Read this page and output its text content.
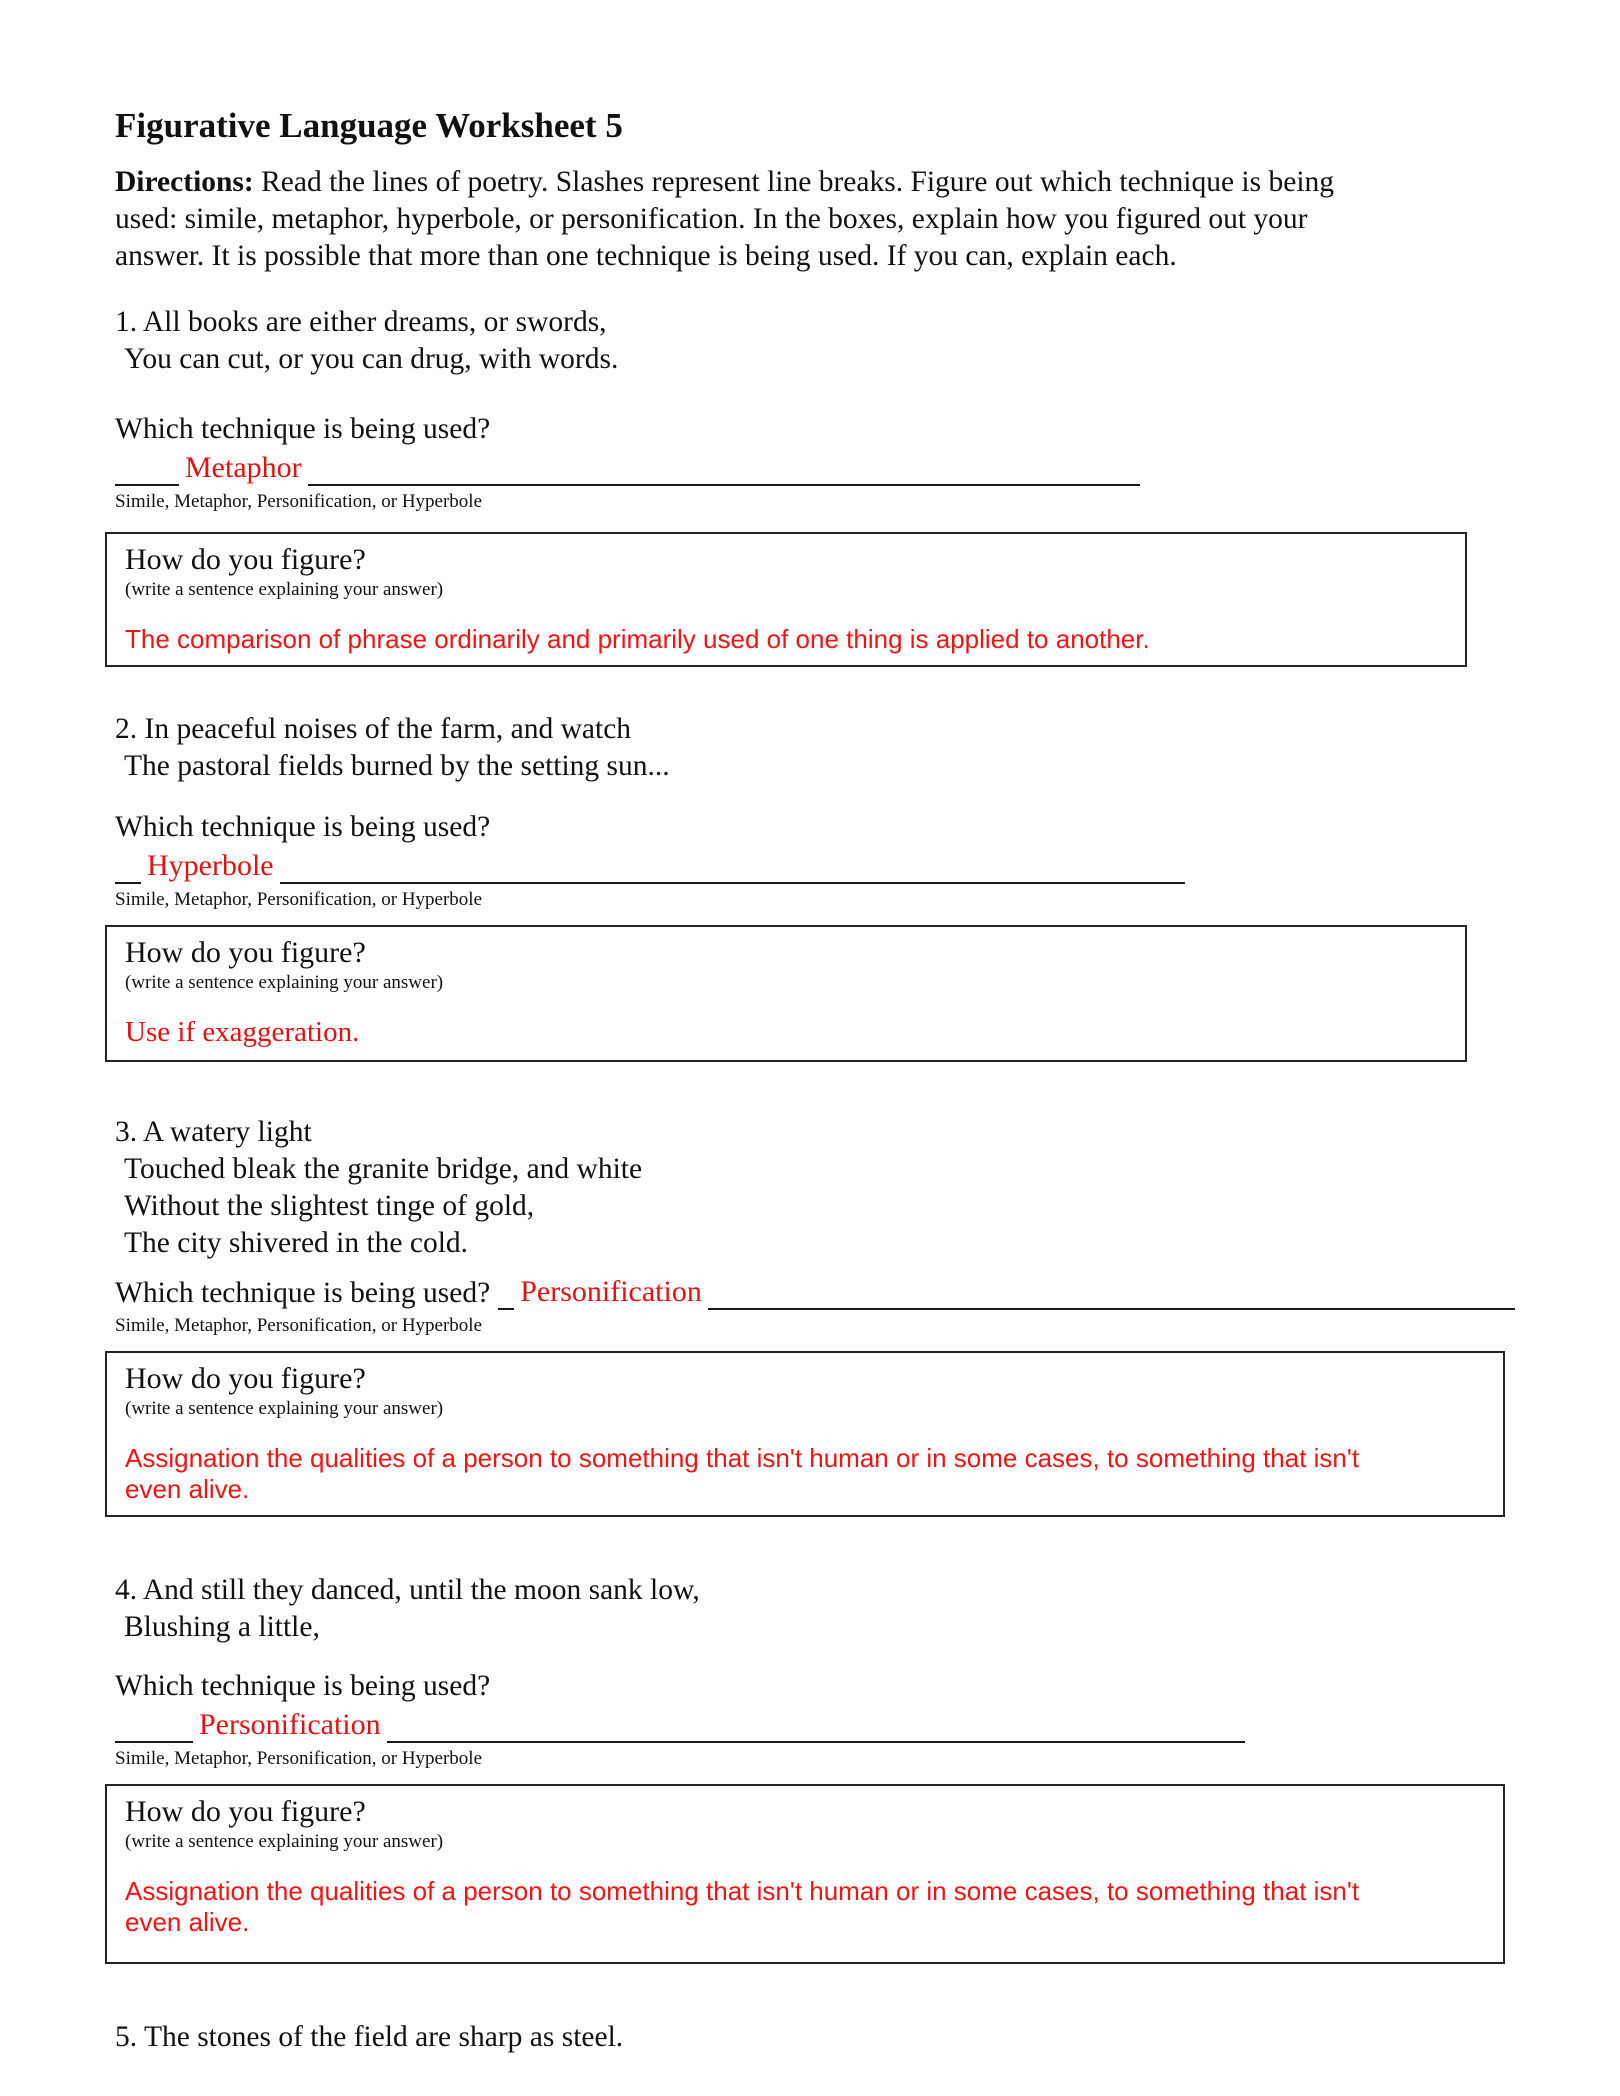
Figurative Language Worksheet 5

Directions: Read the lines of poetry. Slashes represent line breaks. Figure out which technique is being
used: simile, metaphor, hyperbole, or personification. In the boxes, explain how you figured out your
answer. It is possible that more than one technique is being used. If you can, explain each.

1. All books are either dreams, or swords,
You can cut, or you can drug, with words.
Which technique is being used?
Metaphor
Simile, Metaphor, Personification, or Hyperbole
How do you figure?
(write a sentence explaining your answer)
The comparison of phrase ordinarily and primarily used of one thing is applied to another.
2. In peaceful noises of the farm, and watch
The pastoral fields burned by the setting sun...
Which technique is being used?
Hyperbole
Simile, Metaphor, Personification, or Hyperbole
How do you figure?
(write a sentence explaining your answer)
Use if exaggeration.
3. A watery light
Touched bleak the granite bridge, and white
Without the slightest tinge of gold,
The city shivered in the cold.
Which technique is being used? Personification
Simile, Metaphor, Personification, or Hyperbole
How do you figure?
(write a sentence explaining your answer)
Assignation the qualities of a person to something that isn't human or in some cases, to something that isn't even alive.
4. And still they danced, until the moon sank low,
Blushing a little,
Which technique is being used?
Personification
Simile, Metaphor, Personification, or Hyperbole
How do you figure?
(write a sentence explaining your answer)
Assignation the qualities of a person to something that isn't human or in some cases, to something that isn't even alive.
5. The stones of the field are sharp as steel.
